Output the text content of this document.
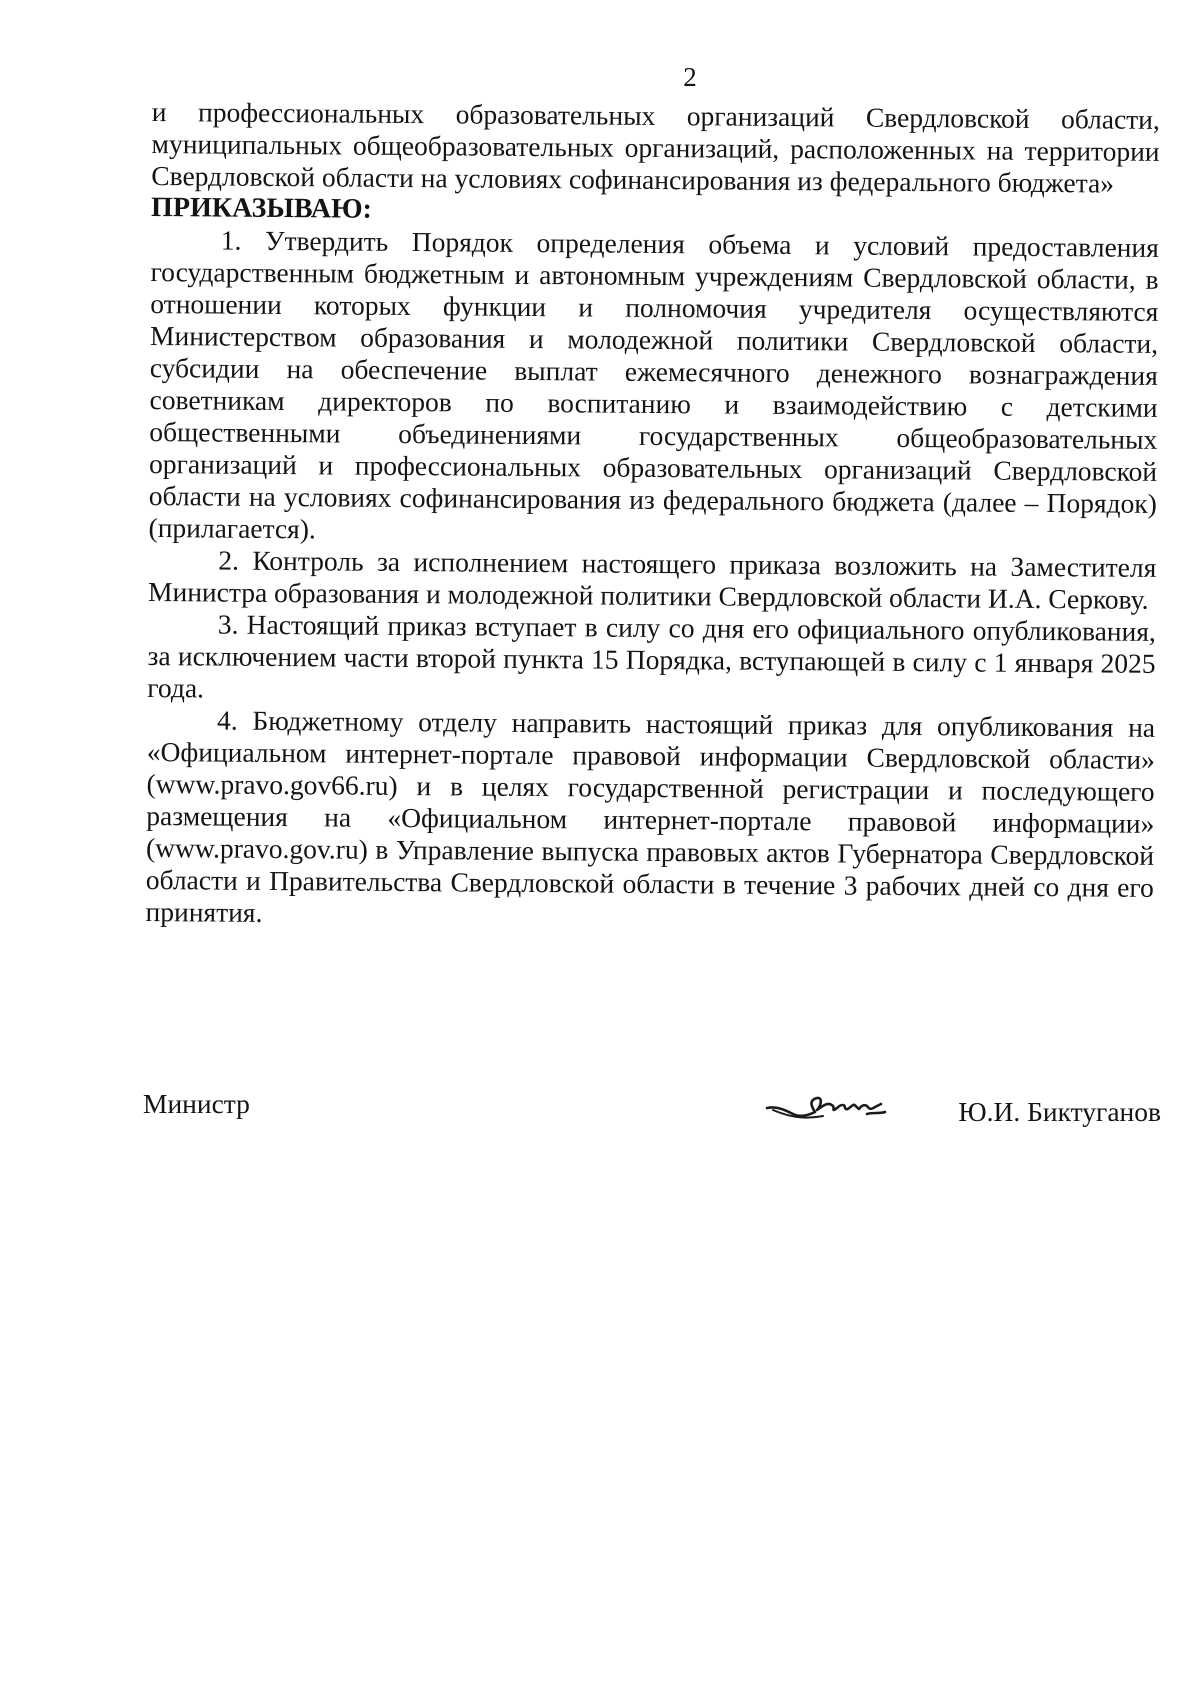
2

и профессиональных образовательных организаций Свердловской области, муниципальных общеобразовательных организаций, расположенных на территории Свердловской области на условиях софинансирования из федерального бюджета»

ПРИКАЗЫВАЮ:

1. Утвердить Порядок определения объема и условий предоставления государственным бюджетным и автономным учреждениям Свердловской области, в отношении которых функции и полномочия учредителя осуществляются Министерством образования и молодежной политики Свердловской области, субсидии на обеспечение выплат ежемесячного денежного вознаграждения советникам директоров по воспитанию и взаимодействию с детскими общественными объединениями государственных общеобразовательных организаций и профессиональных образовательных организаций Свердловской области на условиях софинансирования из федерального бюджета (далее – Порядок) (прилагается).

2. Контроль за исполнением настоящего приказа возложить на Заместителя Министра образования и молодежной политики Свердловской области И.А. Серкову.

3. Настоящий приказ вступает в силу со дня его официального опубликования, за исключением части второй пункта 15 Порядка, вступающей в силу с 1 января 2025 года.

4. Бюджетному отделу направить настоящий приказ для опубликования на «Официальном интернет-портале правовой информации Свердловской области» (www.pravo.gov66.ru) и в целях государственной регистрации и последующего размещения на «Официальном интернет-портале правовой информации» (www.pravo.gov.ru) в Управление выпуска правовых актов Губернатора Свердловской области и Правительства Свердловской области в течение 3 рабочих дней со дня его принятия.

Министр	Ю.И. Биктуганов
